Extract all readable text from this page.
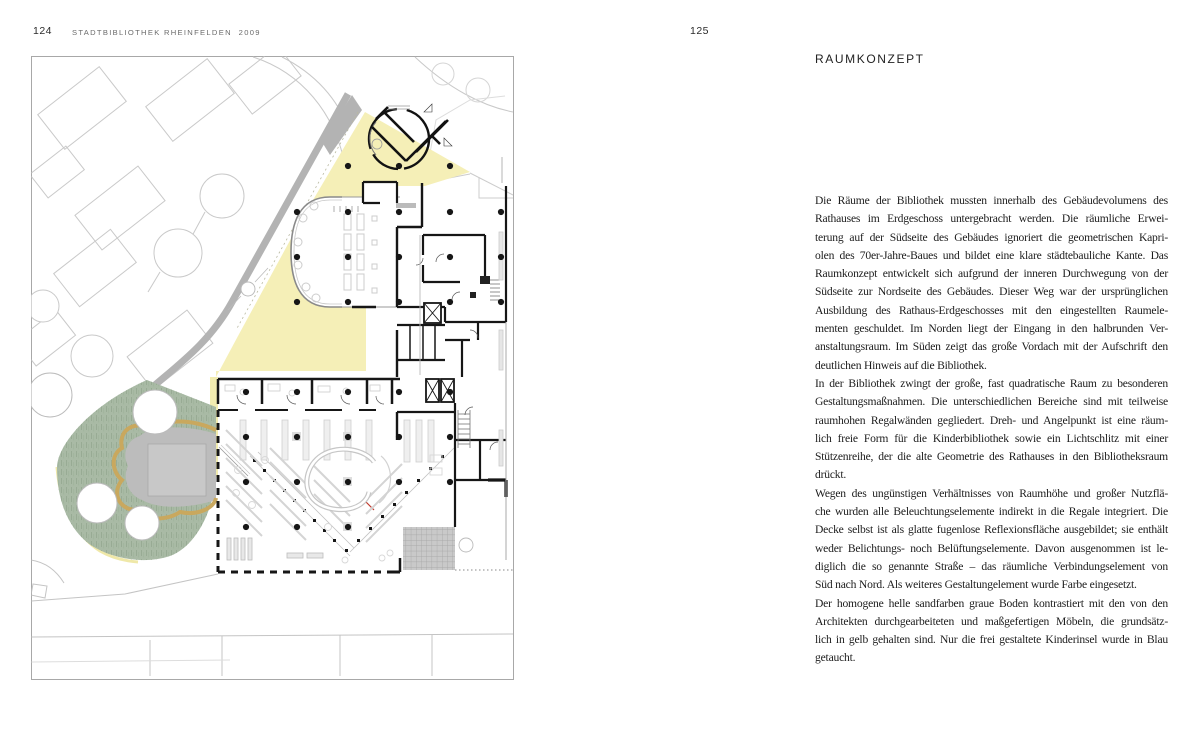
124	STADTBIBLIOTHEK RHEINFELDEN  2009	125
RAUMKONZEPT
Die Räume der Bibliothek mussten innerhalb des Gebäudevolumens des
Rathauses im Erdgeschoss untergebracht werden. Die räumliche Erwei-
terung auf der Südseite des Gebäudes ignoriert die geometrischen Kapri-
olen des 70er-Jahre-Baues und bildet eine klare städtebauliche Kante. Das
Raumkonzept entwickelt sich aufgrund der inneren Durchwegung von der
Südseite zur Nordseite des Gebäudes. Dieser Weg war der ursprünglichen
Ausbildung des Rathaus-Erdgeschosses mit den eingestellten Raumele-
menten geschuldet. Im Norden liegt der Eingang in den halbrunden Ver-
anstaltungsraum. Im Süden zeigt das große Vordach mit der Aufschrift den
deutlichen Hinweis auf die Bibliothek.
In der Bibliothek zwingt der große, fast quadratische Raum zu besonderen
Gestaltungsmaßnahmen. Die unterschiedlichen Bereiche sind mit teilweise
raumhohen Regalwänden gegliedert. Dreh- und Angelpunkt ist eine räum-
lich freie Form für die Kinderbibliothek sowie ein Lichtschlitz mit einer
Stützenreihe, der die alte Geometrie des Rathauses in den Bibliotheksraum
drückt.
Wegen des ungünstigen Verhältnisses von Raumhöhe und großer Nutzflä-
che wurden alle Beleuchtungselemente indirekt in die Regale integriert. Die
Decke selbst ist als glatte fugenlose Reflexionsfläche ausgebildet; sie enthält
weder Belichtungs- noch Belüftungselemente. Davon ausgenommen ist le-
diglich die so genannte Straße – das räumliche Verbindungselement von
Süd nach Nord. Als weiteres Gestaltungelement wurde Farbe eingesetzt.
Der homogene helle sandfarben graue Boden kontrastiert mit den von den
Architekten durchgearbeiteten und maßgefertigen Möbeln, die grundsätz-
lich in gelb gehalten sind. Nur die frei gestaltete Kinderinsel wurde in Blau
getaucht.
